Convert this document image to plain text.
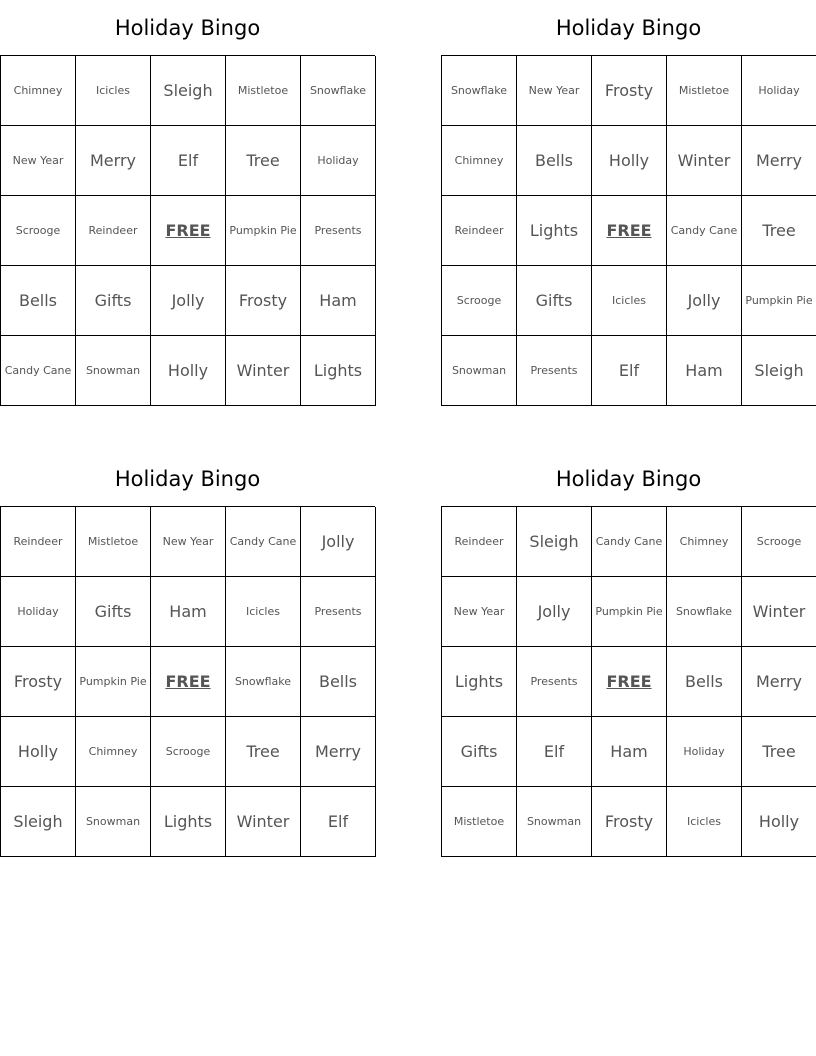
Holiday Bingo
Chimney	Icicles	Sleigh	Mistletoe	Snowflake
New Year	Merry	Elf	Tree	Holiday
Scrooge	Reindeer	FREE	Pumpkin Pie	Presents
Bells	Gifts	Jolly	Frosty	Ham
Candy Cane	Snowman	Holly	Winter	Lights
Holiday Bingo
Snowflake	New Year	Frosty	Mistletoe	Holiday
Chimney	Bells	Holly	Winter	Merry
Reindeer	Lights	FREE	Candy Cane	Tree
Scrooge	Gifts	Icicles	Jolly	Pumpkin Pie
Snowman	Presents	Elf	Ham	Sleigh
Holiday Bingo
Reindeer	Mistletoe	New Year	Candy Cane	Jolly
Holiday	Gifts	Ham	Icicles	Presents
Frosty	Pumpkin Pie	FREE	Snowflake	Bells
Holly	Chimney	Scrooge	Tree	Merry
Sleigh	Snowman	Lights	Winter	Elf
Holiday Bingo
Reindeer	Sleigh	Candy Cane	Chimney	Scrooge
New Year	Jolly	Pumpkin Pie	Snowflake	Winter
Lights	Presents	FREE	Bells	Merry
Gifts	Elf	Ham	Holiday	Tree
Mistletoe	Snowman	Frosty	Icicles	Holly
